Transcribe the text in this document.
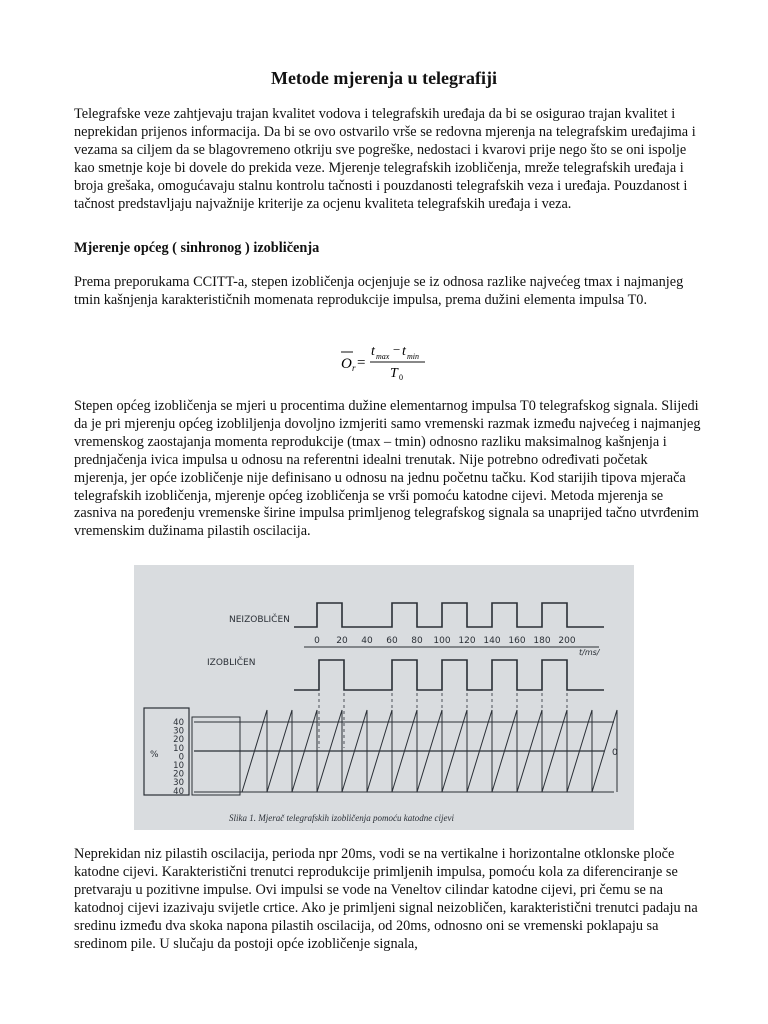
Metode mjerenja u telegrafiji

Telegrafske veze zahtjevaju trajan kvalitet vodova i telegrafskih uređaja da bi se osigurao trajan kvalitet i neprekidan prijenos informacija. Da bi se ovo ostvarilo vrše se redovna mjerenja na telegrafskim uređajima i vezama sa ciljem da se blagovremeno otkriju sve pogreške, nedostaci i kvarovi prije nego što se oni ispolje kao smetnje koje bi dovele do prekida veze. Mjerenje telegrafskih izobličenja, mreže telegrafskih uređaja i broja grešaka, omogućavaju stalnu kontrolu tačnosti i pouzdanosti telegrafskih veza i uređaja. Pouzdanost i tačnost predstavljaju najvažnije kriterije za ocjenu kvaliteta telegrafskih uređaja i veza.

Mjerenje općeg ( sinhronog ) izobličenja

Prema preporukama CCITT-a, stepen izobličenja ocjenjuje se iz odnosa razlike najvećeg tmax i najmanjeg tmin kašnjenja karakterističnih momenata reprodukcije impulsa, prema dužini elementa impulsa T0.

O r =
t max − t min
T 0

Stepen općeg izobličenja se mjeri u procentima dužine elementarnog impulsa T0 telegrafskog signala. Slijedi da je pri mjerenju općeg izobliljenja dovoljno izmjeriti samo vremenski razmak između najvećeg i najmanjeg vremenskog zaostajanja momenta reprodukcije (tmax – tmin) odnosno razliku maksimalnog kašnjenja i prednjačenja ivica impulsa u odnosu na referentni idealni trenutak. Nije potrebno određivati početak mjerenja, jer opće izobličenje nije definisano u odnosu na jednu početnu tačku. Kod starijih tipova mjerača telegrafskih izobličenja, mjerenje općeg izobličenja se vrši pomoću katodne cijevi. Metoda mjerenja se zasniva na poređenju vremenske širine impulsa primljenog telegrafskog signala sa unaprijed tačno utvrđenim vremenskim dužinama pilastih oscilacija.

NEIZOBLIČEN
IZOBLIČEN
t/ms/
0 20 40 60 80 100 120 140 160 180 200
0
%
40
30
20
10
0
10
20
30
40
Slika 1. Mjerač telegrafskih izobličenja pomoću katodne cijevi

Neprekidan niz pilastih oscilacija, perioda npr 20ms, vodi se na vertikalne i horizontalne otklonske ploče katodne cijevi. Karakteristični trenutci reprodukcije primljenih impulsa, pomoću kola za diferenciranje se pretvaraju u pozitivne impulse. Ovi impulsi se vode na Veneltov cilindar katodne cijevi, pri čemu se na katodnoj cijevi izazivaju svijetle crtice. Ako je primljeni signal neizobličen, karakteristični trenutci padaju na sredinu između dva skoka napona pilastih oscilacija, od 20ms, odnosno oni se vremenski poklapaju sa sredinom pile. U slučaju da postoji opće izobličenje signala,
